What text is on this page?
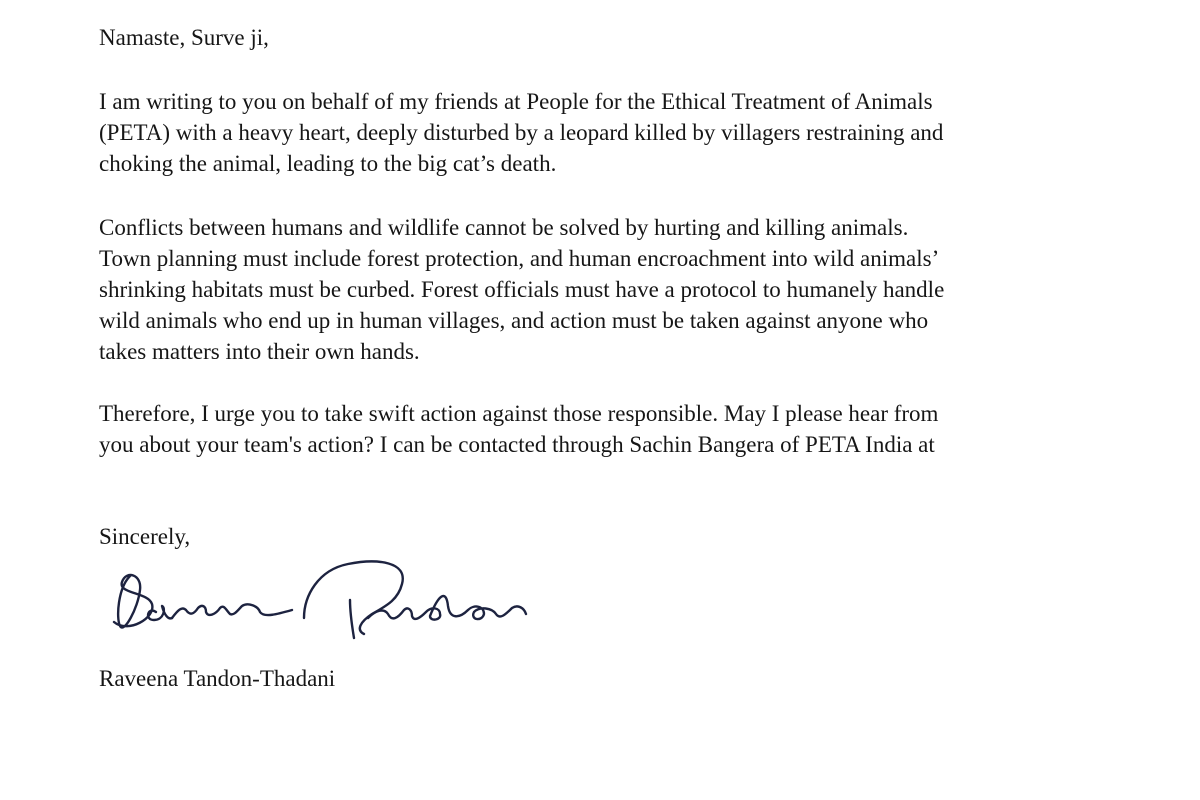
Namaste, Surve ji,

I am writing to you on behalf of my friends at People for the Ethical Treatment of Animals

(PETA) with a heavy heart, deeply disturbed by a leopard killed by villagers restraining and

choking the animal, leading to the big cat’s death.

Conflicts between humans and wildlife cannot be solved by hurting and killing animals.

Town planning must include forest protection, and human encroachment into wild animals’

shrinking habitats must be curbed. Forest officials must have a protocol to humanely handle

wild animals who end up in human villages, and action must be taken against anyone who

takes matters into their own hands.

Therefore, I urge you to take swift action against those responsible. May I please hear from

you about your team's action? I can be contacted through Sachin Bangera of PETA India at

Sincerely,

Raveena Tandon-Thadani
